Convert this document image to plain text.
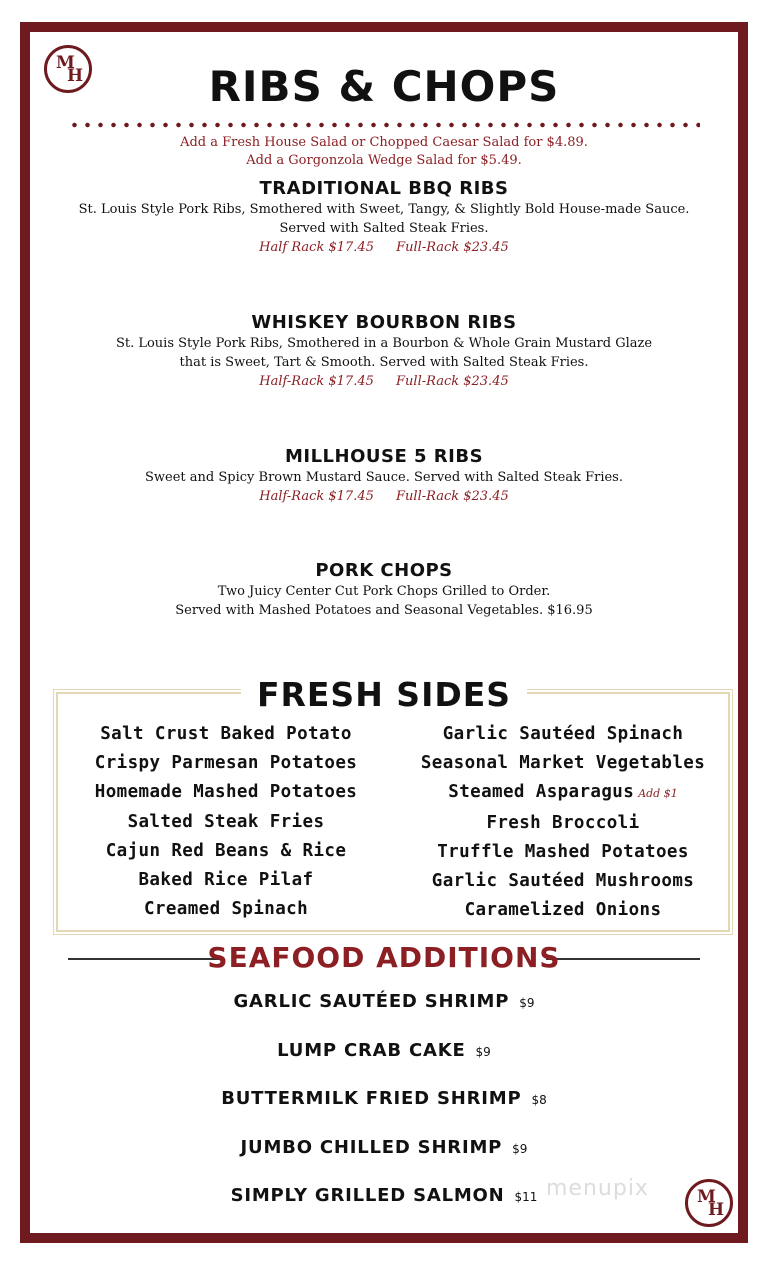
M
H	RIBS & CHOPS
Add a Fresh House Salad or Chopped Caesar Salad for $4.89.
Add a Gorgonzola Wedge Salad for $5.49.
TRADITIONAL BBQ RIBS
St. Louis Style Pork Ribs, Smothered with Sweet, Tangy, & Slightly Bold House-made Sauce.
Served with Salted Steak Fries.
Half Rack $17.45 Full-Rack $23.45
WHISKEY BOURBON RIBS
St. Louis Style Pork Ribs, Smothered in a Bourbon & Whole Grain Mustard Glaze
that is Sweet, Tart & Smooth. Served with Salted Steak Fries.
Half-Rack $17.45 Full-Rack $23.45
MILLHOUSE 5 RIBS
Sweet and Spicy Brown Mustard Sauce. Served with Salted Steak Fries.
Half-Rack $17.45 Full-Rack $23.45
PORK CHOPS
Two Juicy Center Cut Pork Chops Grilled to Order.
Served with Mashed Potatoes and Seasonal Vegetables. $16.95
FRESH SIDES
Salt Crust Baked Potato
Crispy Parmesan Potatoes
Homemade Mashed Potatoes
Salted Steak Fries
Cajun Red Beans & Rice
Baked Rice Pilaf
Creamed Spinach
Garlic Sautéed Spinach
Seasonal Market Vegetables
Steamed Asparagus Add $1
Fresh Broccoli
Truffle Mashed Potatoes
Garlic Sautéed Mushrooms
Caramelized Onions
SEAFOOD ADDITIONS
GARLIC SAUTÉED SHRIMP $9
LUMP CRAB CAKE $9
BUTTERMILK FRIED SHRIMP $8
JUMBO CHILLED SHRIMP $9
SIMPLY GRILLED SALMON $11 menupix	M
H
